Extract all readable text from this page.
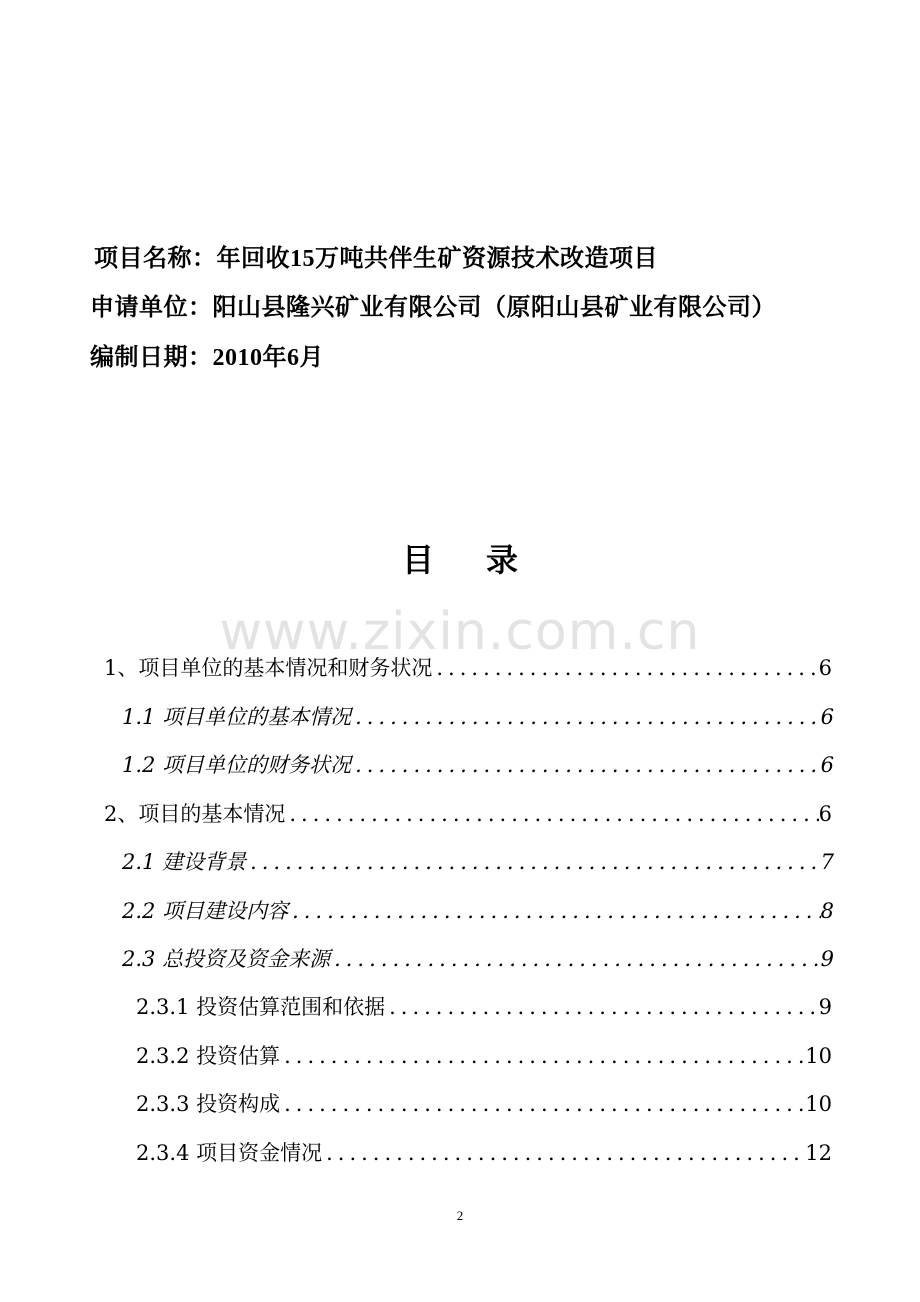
项目名称：年回收15万吨共伴生矿资源技术改造项目
申请单位：阳山县隆兴矿业有限公司（原阳山县矿业有限公司）
编制日期：2010年6月
目录
www.zixin.com.cn
1、项目单位的基本情况和财务状况 .....	6
1.1 项目单位的基本情况 .....	6
1.2 项目单位的财务状况 .....	6
2、项目的基本情况 .....	6
2.1 建设背景 .....	7
2.2 项目建设内容 .....	8
2.3 总投资及资金来源 .....	9
2.3.1 投资估算范围和依据 .....	9
2.3.2 投资估算 .....	10
2.3.3 投资构成 .....	10
2.3.4 项目资金情况 .....	12
2
